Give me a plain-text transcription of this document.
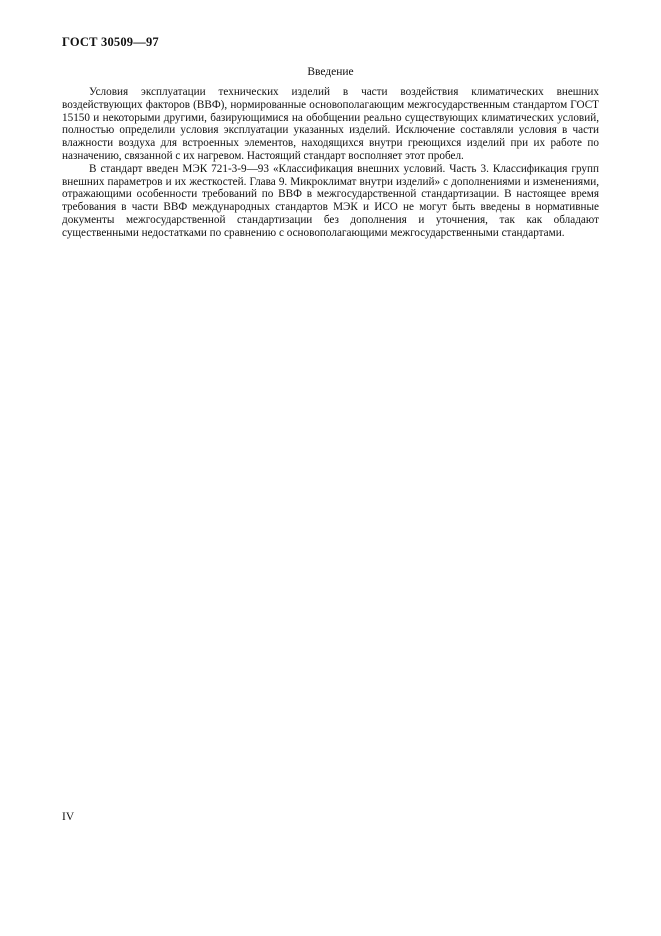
ГОСТ 30509—97
Введение

Условия эксплуатации технических изделий в части воздействия климатических внешних воздействующих факторов (ВВФ), нормированные основополагающим межгосударственным стандартом ГОСТ 15150 и некоторыми другими, базирующимися на обобщении реально существующих климатических условий, полностью определили условия эксплуатации указанных изделий. Исключение составляли условия в части влажности воздуха для встроенных элементов, находящихся внутри греющихся изделий при их работе по назначению, связанной с их нагревом. Настоящий стандарт восполняет этот пробел.

В стандарт введен МЭК 721-3-9—93 «Классификация внешних условий. Часть 3. Классификация групп внешних параметров и их жесткостей. Глава 9. Микроклимат внутри изделий» с дополнениями и изменениями, отражающими особенности требований по ВВФ в межгосударственной стандартизации. В настоящее время требования в части ВВФ международных стандартов МЭК и ИСО не могут быть введены в нормативные документы межгосударственной стандартизации без дополнения и уточнения, так как обладают существенными недостатками по сравнению с основополагающими межгосударственными стандартами.

IV
